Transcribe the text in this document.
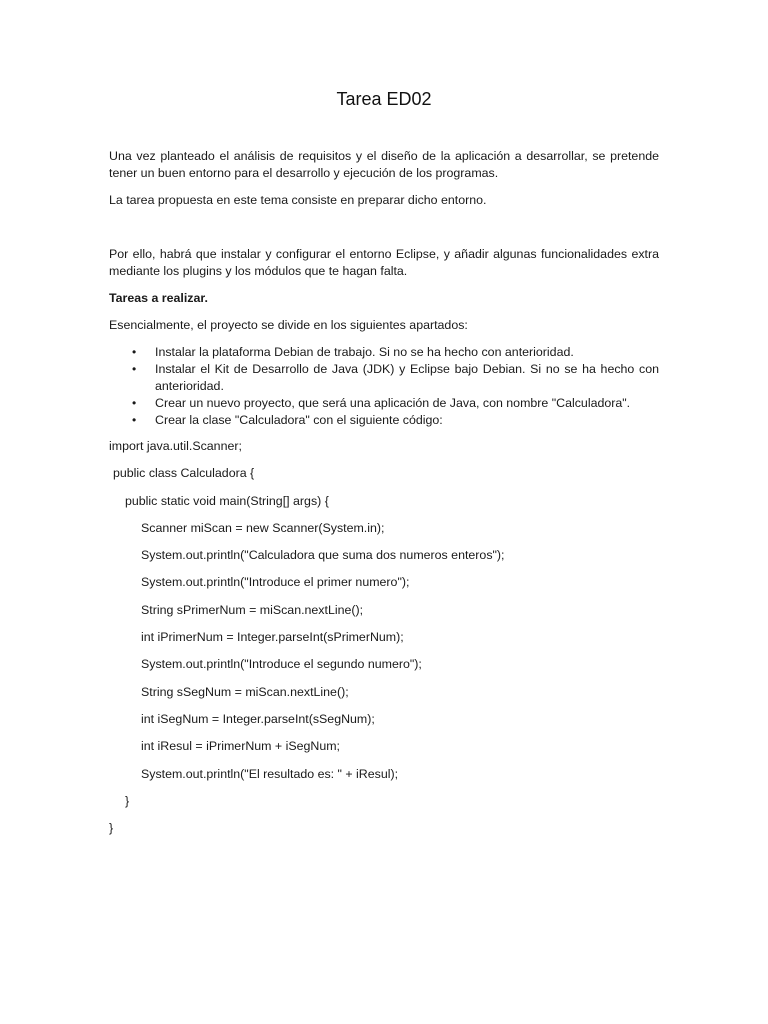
Tarea ED02

Una vez planteado el análisis de requisitos y el diseño de la aplicación a desarrollar, se pretende tener un buen entorno para el desarrollo y ejecución de los programas.

La tarea propuesta en este tema consiste en preparar dicho entorno.

Por ello, habrá que instalar y configurar el entorno Eclipse, y añadir algunas funcionalidades extra mediante los plugins y los módulos que te hagan falta.

Tareas a realizar.

Esencialmente, el proyecto se divide en los siguientes apartados:

• Instalar la plataforma Debian de trabajo. Si no se ha hecho con anterioridad.
• Instalar el Kit de Desarrollo de Java (JDK) y Eclipse bajo Debian. Si no se ha hecho con anterioridad.
• Crear un nuevo proyecto, que será una aplicación de Java, con nombre "Calculadora".
• Crear la clase "Calculadora" con el siguiente código:
import java.util.Scanner;
public class Calculadora {
public static void main(String[] args) {
Scanner miScan = new Scanner(System.in);
System.out.println("Calculadora que suma dos numeros enteros");
System.out.println("Introduce el primer numero");
String sPrimerNum = miScan.nextLine();
int iPrimerNum = Integer.parseInt(sPrimerNum);
System.out.println("Introduce el segundo numero");
String sSegNum = miScan.nextLine();
int iSegNum = Integer.parseInt(sSegNum);
int iResul = iPrimerNum + iSegNum;
System.out.println("El resultado es: " + iResul);
}
}
